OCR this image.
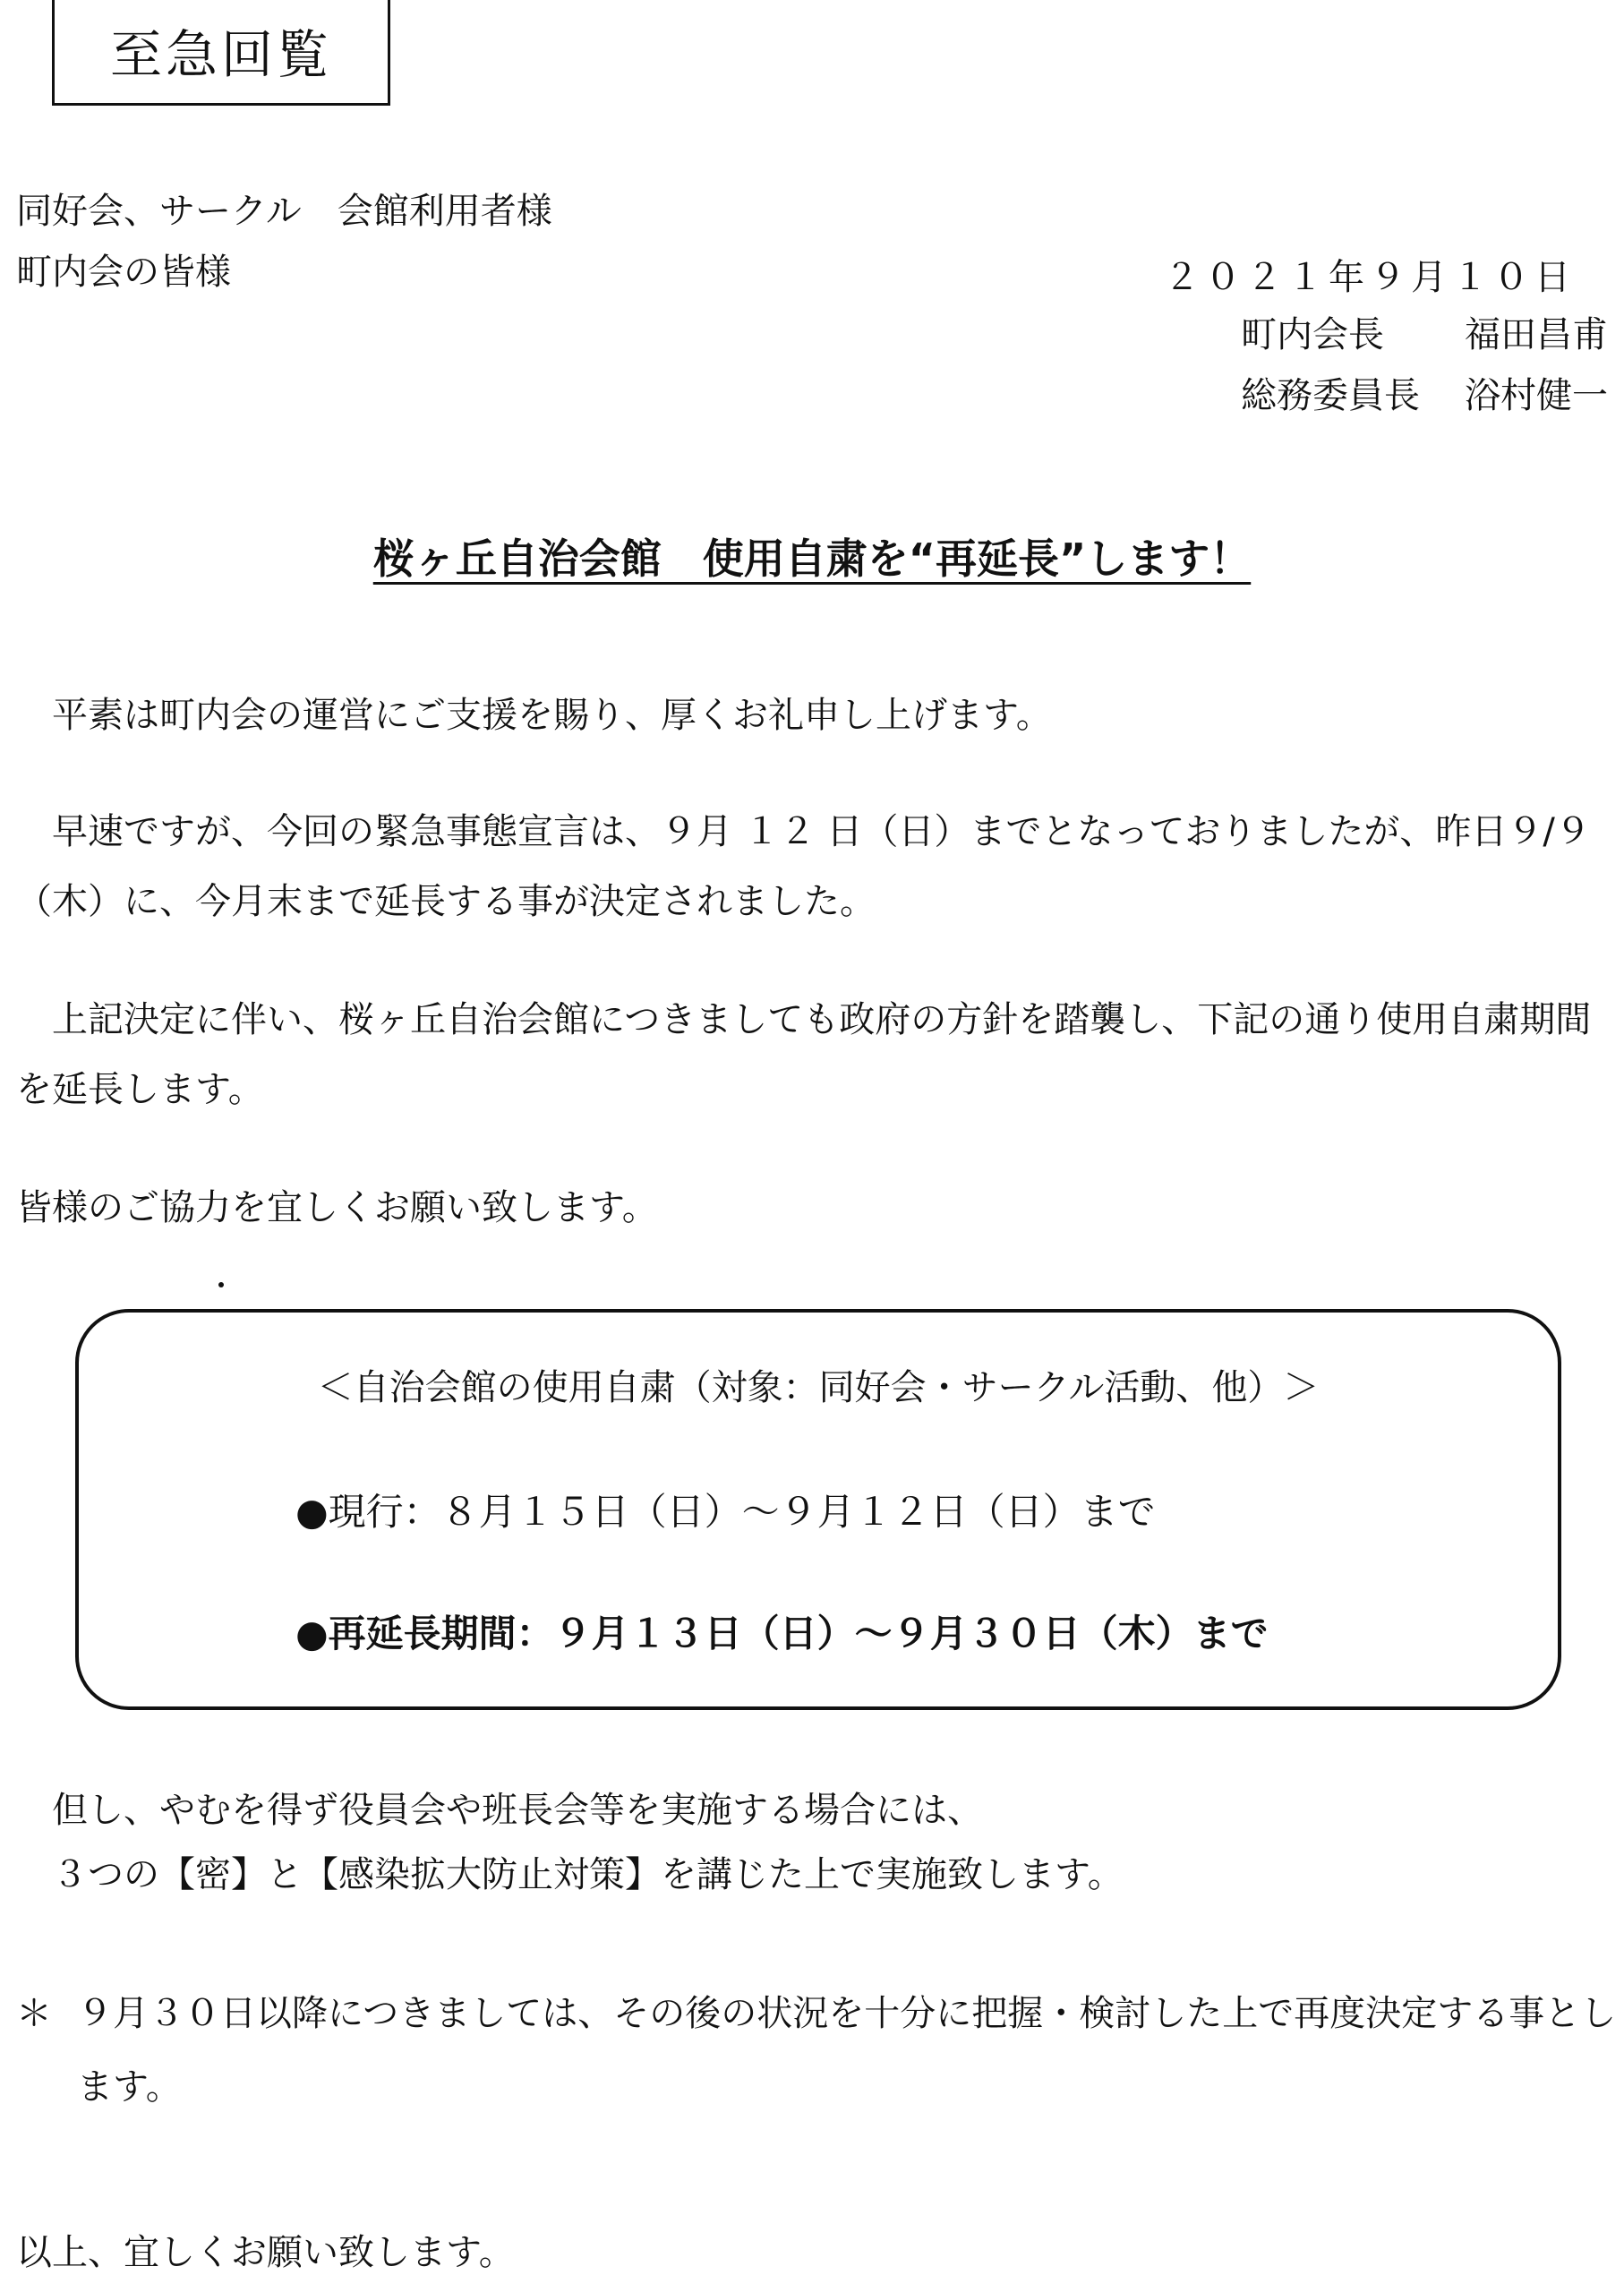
至急回覧
同好会、サークル　会館利用者様
町内会の皆様	２０２１年９月１０日
町内会長	福田昌甫
総務委員長	浴村健一
桜ヶ丘自治会館　使用自粛を“再延長”します！
平素は町内会の運営にご支援を賜り、厚くお礼申し上げます。
早速ですが、今回の緊急事態宣言は、９月 １２ 日（日）までとなっておりましたが、昨日９/９（木）に、今月末まで延長する事が決定されました。
上記決定に伴い、桜ヶ丘自治会館につきましても政府の方針を踏襲し、下記の通り使用自粛期間を延長します。
皆様のご協力を宜しくお願い致します。
＜自治会館の使用自粛（対象：同好会・サークル活動、他）＞
●現行：８月１５日（日）～９月１２日（日）まで
●再延長期間：９月１３日（日）～９月３０日（木）まで
但し、やむを得ず役員会や班長会等を実施する場合には、
３つの【密】と【感染拡大防止対策】を講じた上で実施致します。
＊ ９月３０日以降につきましては、その後の状況を十分に把握・検討した上で再度決定する事とします。
以上、宜しくお願い致します。
